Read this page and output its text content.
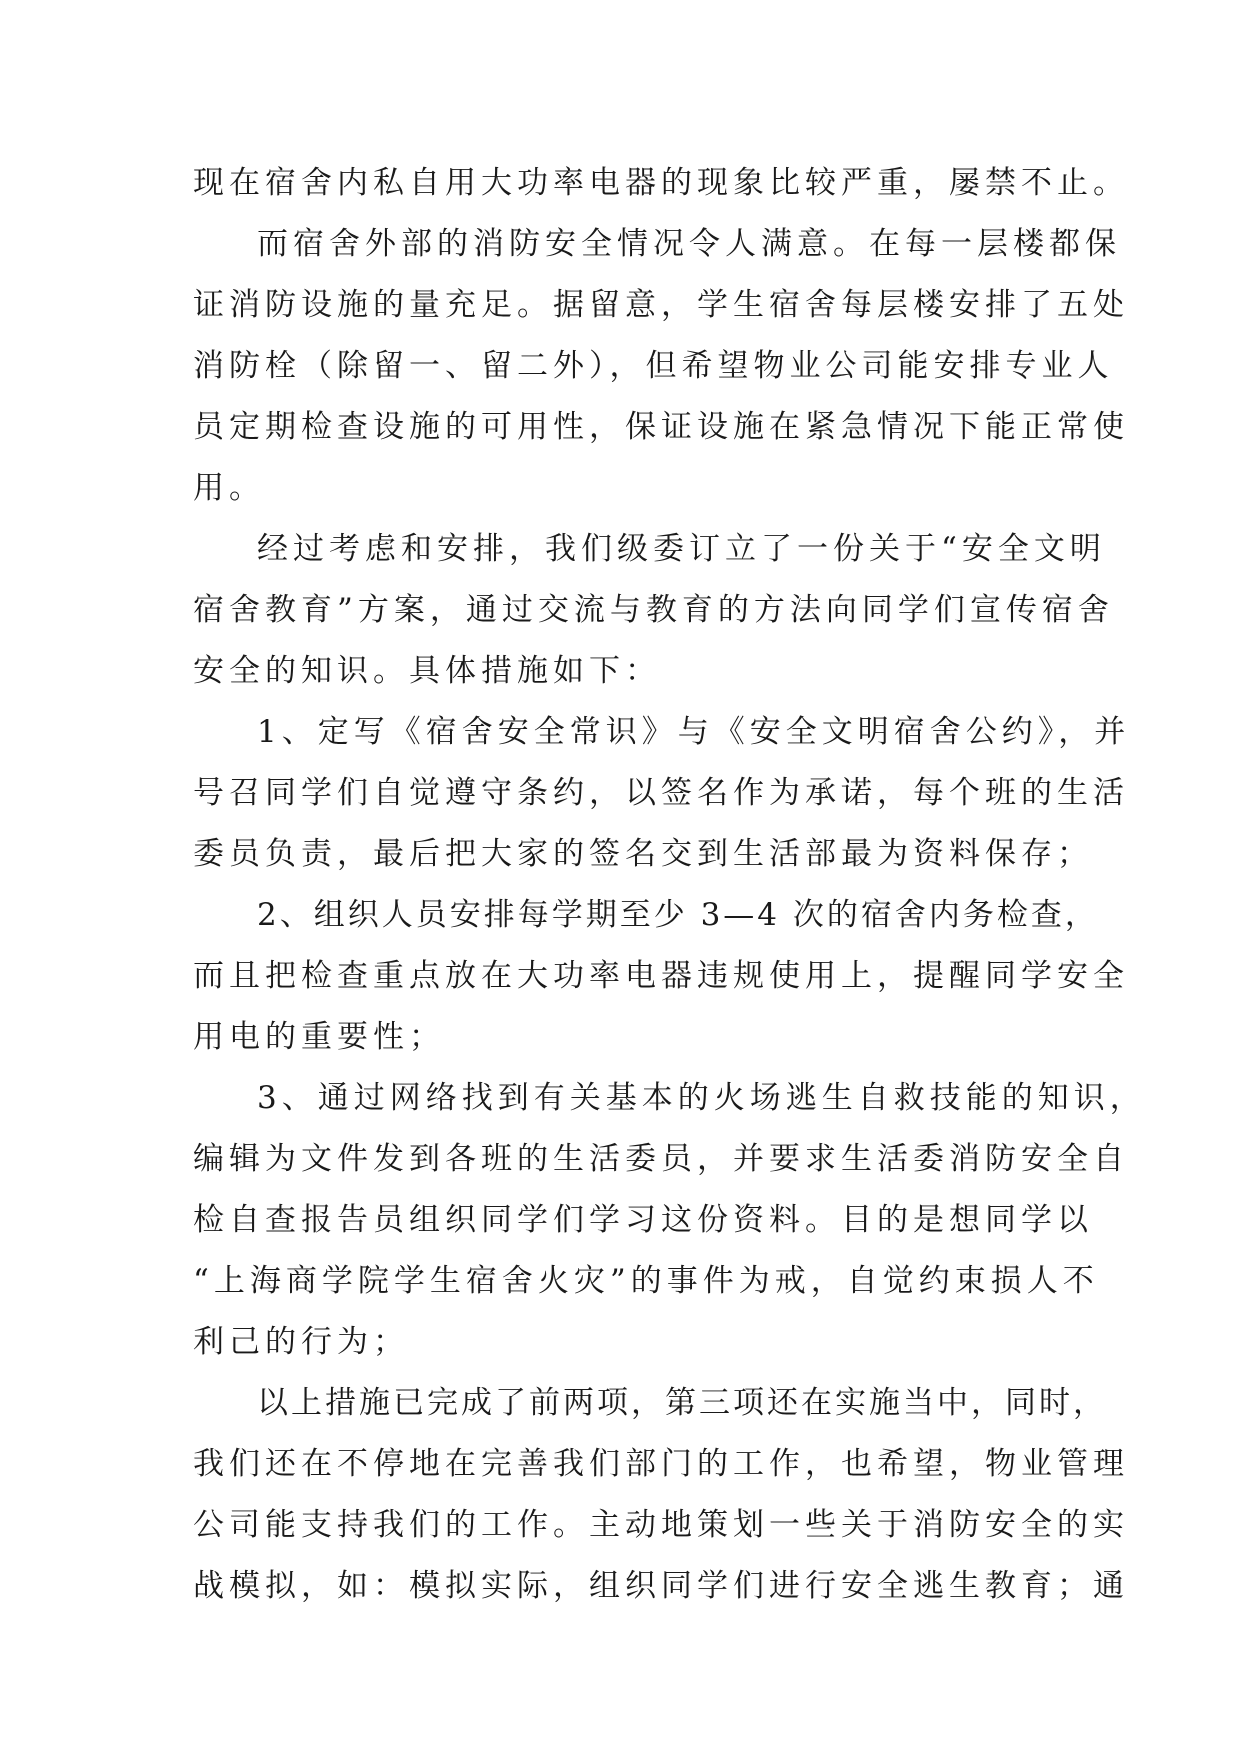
现在宿舍内私自用大功率电器的现象比较严重，屡禁不止。

而宿舍外部的消防安全情况令人满意。在每一层楼都保

证消防设施的量充足。据留意，学生宿舍每层楼安排了五处

消防栓（除留一、留二外），但希望物业公司能安排专业人

员定期检查设施的可用性，保证设施在紧急情况下能正常使

用。

经过考虑和安排，我们级委订立了一份关于“安全文明

宿舍教育”方案，通过交流与教育的方法向同学们宣传宿舍

安全的知识。具体措施如下：

1、定写《宿舍安全常识》与《安全文明宿舍公约》，并

号召同学们自觉遵守条约，以签名作为承诺，每个班的生活

委员负责，最后把大家的签名交到生活部最为资料保存；

2、组织人员安排每学期至少 3—4 次的宿舍内务检查，

而且把检查重点放在大功率电器违规使用上，提醒同学安全

用电的重要性；

3、通过网络找到有关基本的火场逃生自救技能的知识，

编辑为文件发到各班的生活委员，并要求生活委消防安全自

检自查报告员组织同学们学习这份资料。目的是想同学以

“上海商学院学生宿舍火灾”的事件为戒，自觉约束损人不

利己的行为；

以上措施已完成了前两项，第三项还在实施当中，同时，

我们还在不停地在完善我们部门的工作，也希望，物业管理

公司能支持我们的工作。主动地策划一些关于消防安全的实

战模拟，如：模拟实际，组织同学们进行安全逃生教育；通
